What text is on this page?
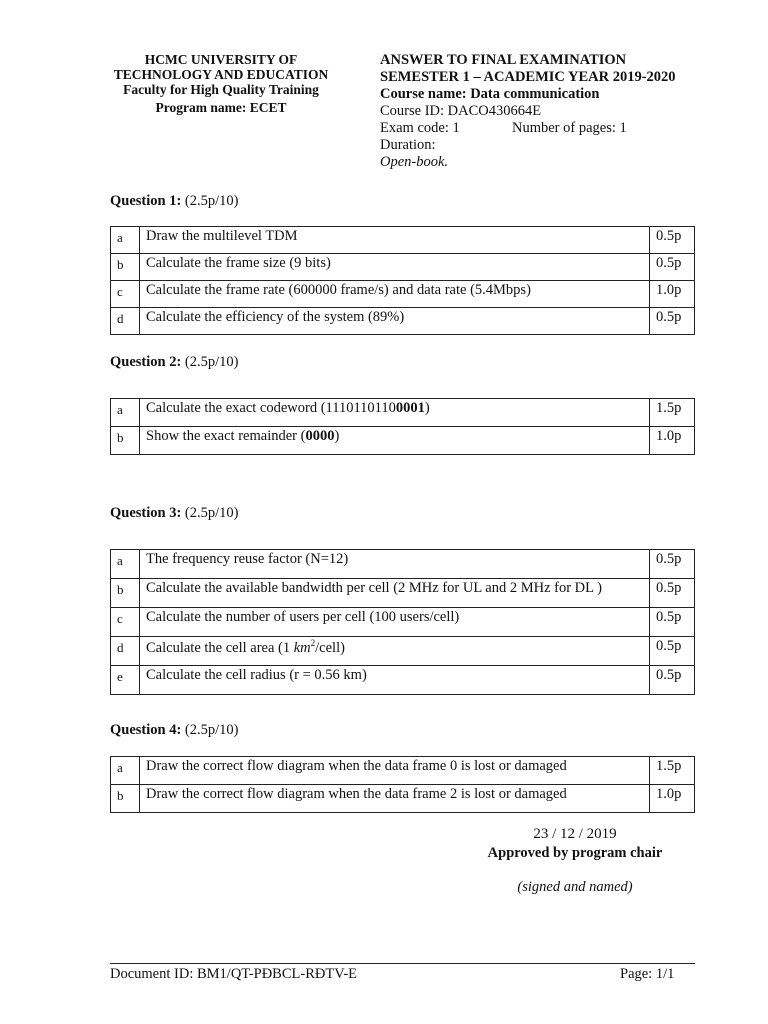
HCMC UNIVERSITY OF
TECHNOLOGY AND EDUCATION
Faculty for High Quality Training
Program name: ECET
ANSWER TO FINAL EXAMINATION
SEMESTER 1 – ACADEMIC YEAR 2019-2020
Course name: Data communication
Course ID: DACO430664E
Exam code: 1	Number of pages: 1
Duration:
Open-book.
Question 1: (2.5p/10)
a	Draw the multilevel TDM	0.5p
b	Calculate the frame size (9 bits)	0.5p
c	Calculate the frame rate (600000 frame/s) and data rate (5.4Mbps)	1.0p
d	Calculate the efficiency of the system (89%)	0.5p
Question 2: (2.5p/10)
a	Calculate the exact codeword (11101101100001)	1.5p
b	Show the exact remainder (0000)	1.0p
Question 3: (2.5p/10)
a	The frequency reuse factor (N=12)	0.5p
b	Calculate the available bandwidth per cell (2 MHz for UL and 2 MHz for DL )	0.5p
c	Calculate the number of users per cell (100 users/cell)	0.5p
d	Calculate the cell area (1 $km^2/cell$)	0.5p
e	Calculate the cell radius (r = 0.56 km)	0.5p
Question 4: (2.5p/10)
a	Draw the correct flow diagram when the data frame 0 is lost or damaged	1.5p
b	Draw the correct flow diagram when the data frame 2 is lost or damaged	1.0p
23 / 12 / 2019
Approved by program chair
(signed and named)
Document ID: BM1/QT-PĐBCL-RĐTV-E	Page: 1/1
